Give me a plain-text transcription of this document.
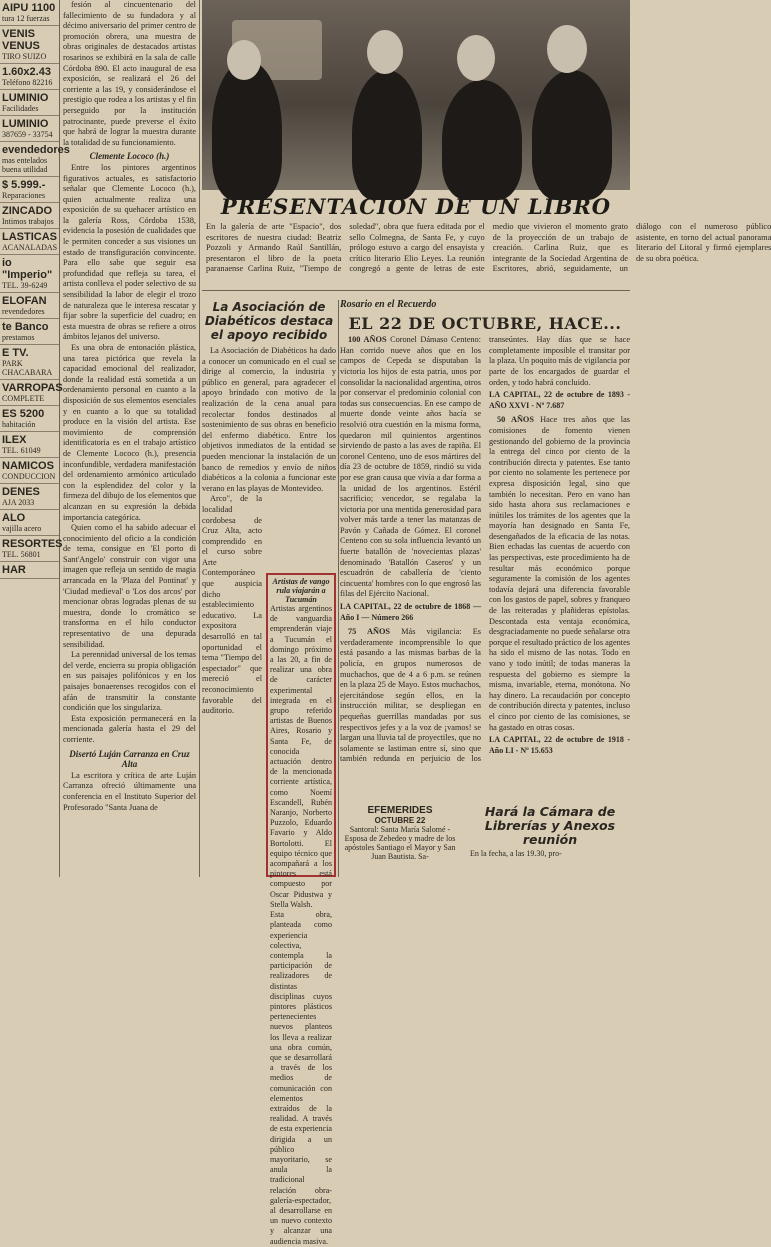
AIPU 1100
tura 12 fuerzas
VENIS VENUS
TIRO SUIZO
1.60x2.43
Teléfono 82216
LUMINIO
Facilidades
LUMINIO
387659 - 33754
evendedores
mas entelados buena utilidad
$ 5.999.-
Reparaciones
ZINCADO
Intimos trabajos
LASTICAS
ACANALADAS
io "Imperio"
TEL. 39-6249
ELOFAN
revendedores
te Banco
prestamos
E TV.
PARK CHACABARA
VARROPAS
COMPLETE
ES 5200
habitación
ILEX
TEL. 61049
NAMICOS
CONDUCCION
DENES
AJA 2033
ALO
vajilla acero
RESORTES
TEL. 56801
HAR

fesión al cincuentenario del fallecimiento de su fundadora y al décimo aniversario del primer centro de promoción obrera, una muestra de obras originales de destacados artistas rosarinos se exhibirá en la sala de calle Córdoba 890. El acto inaugural de esa exposición, se realizará el 26 del corriente a las 19, y considerándose el prestigio que rodea a los artistas y el fin perseguido por la institución patrocinante, puede preverse el éxito que habrá de lograr la muestra durante la totalidad de su funcionamiento.

Clemente Lococo (h.)

Entre los pintores argentinos figurativos actuales, es satisfactorio señalar que Clemente Lococo (h.), quien actualmente realiza una exposición de su quehacer artístico en la galería Ross, Córdoba 1538, evidencia la posesión de cualidades que le permiten conceder a sus visiones un estado de transfiguración convincente. Para ello sabe que seguir esa profundidad que refleja su tarea, el artista conlleva el poder selectivo de su sensibilidad la labor de elegir el trozo de naturaleza que le interesa rescatar y fijar sobre la superficie del cuadro; en esta muestra de obras se refiere a otros ámbitos lejanos del universo.

Es una obra de entonación plástica, una tarea pictórica que revela la capacidad emocional del realizador, donde la realidad está sometida a un ordenamiento personal en cuanto a la disposición de sus elementos esenciales y en cuanto a lo que su totalidad produce en la visión del artista. Ese movimiento de comprensión identificatoria es en el trabajo artístico de Clemente Lococo (h.), presencia inconfundible, verdadera manifestación del ordenamiento armónico articulado con la esplendidez del color y la firmeza del dibujo de los elementos que alcanzan en su expresión la debida importancia categórica.

Quien como el ha sabido adecuar el conocimiento del oficio a la condición de tema, consigue en 'El porto di Sant'Angelo' construir con vigor una imagen que refleja un sentido de magia arrancada en la 'Plaza del Pontinat' y 'Ciudad medieval' o 'Los dos arcos' por mencionar obras logradas plenas de su muestra, donde lo cromático se transforma en el hilo conductor representativo de una depurada sensibilidad.

La perennidad universal de los temas del verde, encierra su propia obligación en sus paisajes polifónicos y en los paisajes bonaerenses recogidos con el afán de transmitir la constante condición que los singulariza.

Esta exposición permanecerá en la mencionada galería hasta el 29 del corriente.

Disertó Luján Carranza en Cruz Alta

La escritora y crítica de arte Luján Carranza ofreció últimamente una conferencia en el Instituto Superior del Profesorado "Santa Juana de

PRESENTACION DE UN LIBRO
En la galería de arte "Espacio", dos escritores de nuestra ciudad: Beatriz Pozzoli y Armando Raúl Santillán, presentaron el libro de la poeta paranaense Carlina Ruiz, "Tiempo de soledad", obra que fuera editada por el sello Colmegna, de Santa Fe, y cuyo prólogo estuvo a cargo del ensayista y crítico literario Elio Leyes. La reunión congregó a gente de letras de este medio que vivieron el momento grato de la proyección de un trabajo de creación. Carlina Ruiz, que es integrante de la Sociedad Argentina de Escritores, abrió, seguidamente, un diálogo con el numeroso público asistente, en torno del actual panorama literario del Litoral y firmó ejemplares de su obra poética.
La Asociación de Diabéticos destaca el apoyo recibido

La Asociación de Diabéticos ha dado a conocer un comunicado en el cual se dirige al comercio, la industria y público en general, para agradecer el apoyo brindado con motivo de la realización de la cena anual para recolectar fondos destinados al sostenimiento de sus obras en beneficio del enfermo diabético. Entre los objetivos inmediatos de la entidad se pueden mencionar la instalación de un banco de remedios y envío de niños diabéticos a la colonia a funcionar este verano en las playas de Montevideo.

Arco", de la localidad cordobesa de Cruz Alta, acto comprendido en el curso sobre Arte Contemporáneo que auspicia dicho establecimiento educativo. La expositora desarrolló en tal oportunidad el tema "Tiempo del espectador" que mereció el reconocimiento favorable del auditorio.

Artistas de vango rula viajarán a Tucumán

Artistas argentinos de vanguardia emprenderán viaje a Tucumán el domingo próximo a las 20, a fin de realizar una obra de carácter experimental integrada en el grupo referido artistas de Buenos Aires, Rosario y Santa Fe, de conocida actuación dentro de la mencionada corriente artística, como Noemí Escandell, Rubén Naranjo, Norberto Puzzolo, Eduardo Favario y Aldo Bortolotti. El equipo técnico que acompañará a los pintores está compuesto por Oscar Pidustwa y Stella Walsh.

Esta obra, planteada como experiencia colectiva, contempla la participación de realizadores de distintas disciplinas cuyos pintores plásticos pertenecientes nuevos planteos los lleva a realizar una obra común, que se desarrollará a través de los medios de comunicación con elementos extraídos de la realidad. A través de esta experiencia dirigida a un público mayoritario, se anula la tradicional relación obra-galería-espectador, al desarrollarse en un nuevo contexto y alcanzar una audiencia masiva.

Rosario en el Recuerdo
EL 22 DE OCTUBRE, HACE...

100 AÑOS Coronel Dámaso Centeno: Han corrido nueve años que en los campos de Cepeda se disputaban la victoria los hijos de esta patria, unos por consolidar la nacionalidad argentina, otros por conservar el predominio colonial con todas sus consecuencias. En ese campo de muerte donde veinte años hacía se resolvió otra cuestión en la misma forma, quedaron mil quinientos argentinos sirviendo de pasto a las aves de rapiña. El coronel Centeno, uno de esos mártires del día 23 de octubre de 1859, rindió su vida por ese gran causa que vivía a dar forma a la unidad de los argentinos. Estéril sacrificio; vencedor, se regalaba la victoria por una mentida generosidad para volver más tarde a tener las matanzas de Pavón y Cañada de Gómez. El coronel Centeno con su sola influencia levantó un fuerte batallón de 'novecientas plazas' denominado 'Batallón Caseros' y un escuadrón de caballería de 'ciento cincuenta' hombres con lo que engrosó las filas del Ejército Nacional.

LA CAPITAL, 22 de octubre de 1868 — Año I — Número 266

75 AÑOS Más vigilancia: Es verdaderamente incomprensible lo que está pasando a las mismas barbas de la policía, en grupos numerosos de muchachos, que de 4 a 6 p.m. se reúnen en la plaza 25 de Mayo. Estos muchachos, ejercitándose según ellos, en la instrucción militar, se despliegan en pequeñas guerrillas mandadas por sus respectivos jefes y a la voz de ¡vamos! se largan una lluvia tal de proyectiles, que no solamente se lastiman entre sí, sino que también redunda en perjuicio de los transeúntes. Hay días que se hace completamente imposible el transitar por la plaza. Un poquito más de vigilancia por parte de los encargados de guardar el orden, y todo habrá concluido.

LA CAPITAL, 22 de octubre de 1893 - AÑO XXVI - Nº 7.687

50 AÑOS Hace tres años que las comisiones de fomento vienen gestionando del gobierno de la provincia la entrega del cinco por ciento de la contribución directa y patentes. Ese tanto por ciento no solamente les pertenece por expresa disposición legal, sino que también lo necesitan. Pero en vano han sido hasta ahora sus reclamaciones e inútiles los trámites de los agentes que la mayoría han designado en Santa Fe, desengañados de la eficacia de las notas. Bien echadas las cuentas de acuerdo con las perspectivas, este procedimiento ha de resultar más económico porque seguramente la comisión de los agentes todavía dejará una diferencia favorable con los gastos de papel, sobres y franqueo de las reiteradas y plañideras epístolas. Descontada esta ventaja económica, desgraciadamente no puede señalarse otra porque el resultado práctico de los agentes ha sido el mismo de las notas. Todo en vano y todo inútil; de todas maneras la respuesta del gobierno es siempre la misma, invariable, eterna, monótona. No hay dinero. La recaudación por concepto de contribución directa y patentes, incluso el cinco por ciento de las comisiones, se ha gastado en otras cosas.

LA CAPITAL, 22 de octubre de 1918 - Año LI - Nº 15.653
EFEMERIDES
OCTUBRE 22
Santoral: Santa María Salomé - Esposa de Zebedeo y madre de los apóstoles Santiago el Mayor y San Juan Bautista. Sa-
Hará la Cámara de Librerías y Anexos reunión
En la fecha, a las 19.30, pro-
